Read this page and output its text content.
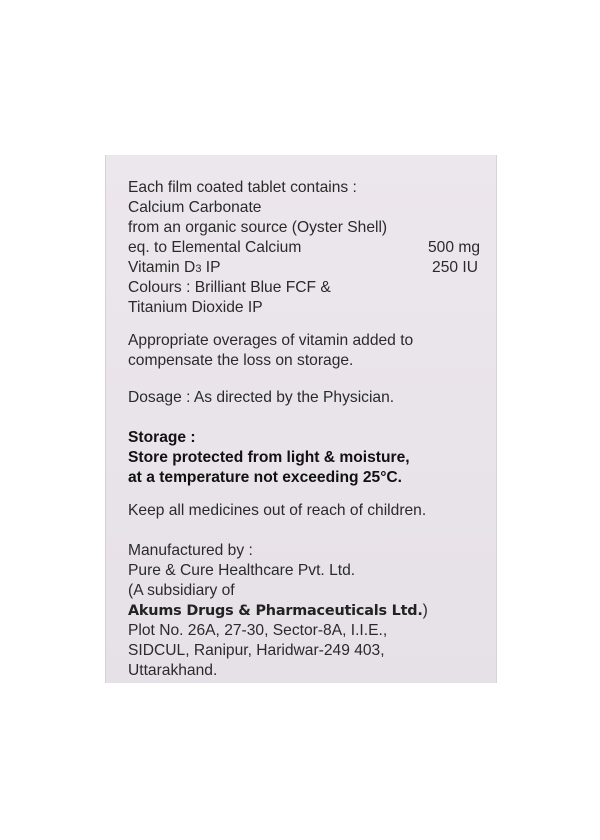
Each film coated tablet contains :
Calcium Carbonate
from an organic source (Oyster Shell)
eq. to Elemental Calcium	500 mg
Vitamin D3 IP	250 IU
Colours : Brilliant Blue FCF &
Titanium Dioxide IP
Appropriate overages of vitamin added to
compensate the loss on storage.
Dosage : As directed by the Physician.
Storage :
Store protected from light & moisture,
at a temperature not exceeding 25°C.
Keep all medicines out of reach of children.
Manufactured by :
Pure & Cure Healthcare Pvt. Ltd.
(A subsidiary of
Akums Drugs & Pharmaceuticals Ltd.)
Plot No. 26A, 27-30, Sector-8A, I.I.E.,
SIDCUL, Ranipur, Haridwar-249 403,
Uttarakhand.
